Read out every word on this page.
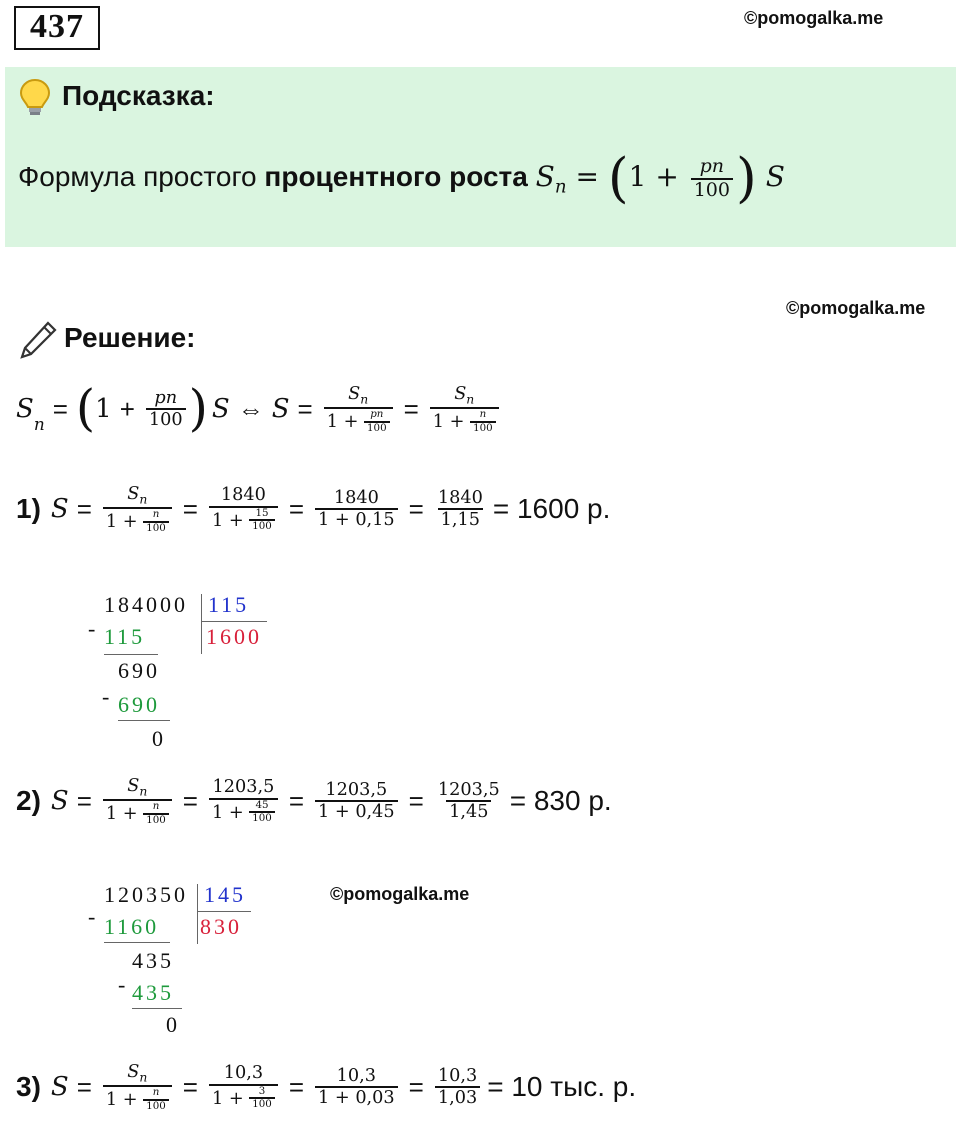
437	©pomogalka.me
Подсказка:
Формула простого процентного роста $S_n = (1 + \frac{pn}{100}$ ) S
©pomogalka.me
Решение:
S
$_n$
= ( $1 + \frac{pn}{100}$ ) S ⇔ $S = \frac{S_n}{1 + \frac{pn}{100}} = \frac{S_n}{1 + \frac{n}{100}}$
1) $S = \frac{S_n}{1 + \frac{n}{100}} = \frac{1840}{1 + \frac{15}{100}} = \frac{1840}{1 + 0,15} = \frac{1840}{1,15} = 1600$ р.
184000 115
1600
- 115
690
- 690
0
2) $S = \frac{S_n}{1 + \frac{n}{100}} = \frac{1203,5}{1 + \frac{45}{100}} = \frac{1203,5}{1 + 0,45} = \frac{1203,5}{1,45} = 830$ р.
120350 145
830
- 1160
435
- 435
0
©pomogalka.me
3) $S = \frac{S_n}{1 + \frac{n}{100}} = \frac{10,3}{1 + \frac{3}{100}} = \frac{10,3}{1 + 0,03} = \frac{10,3}{1,03} = 10$ тыс. р.
